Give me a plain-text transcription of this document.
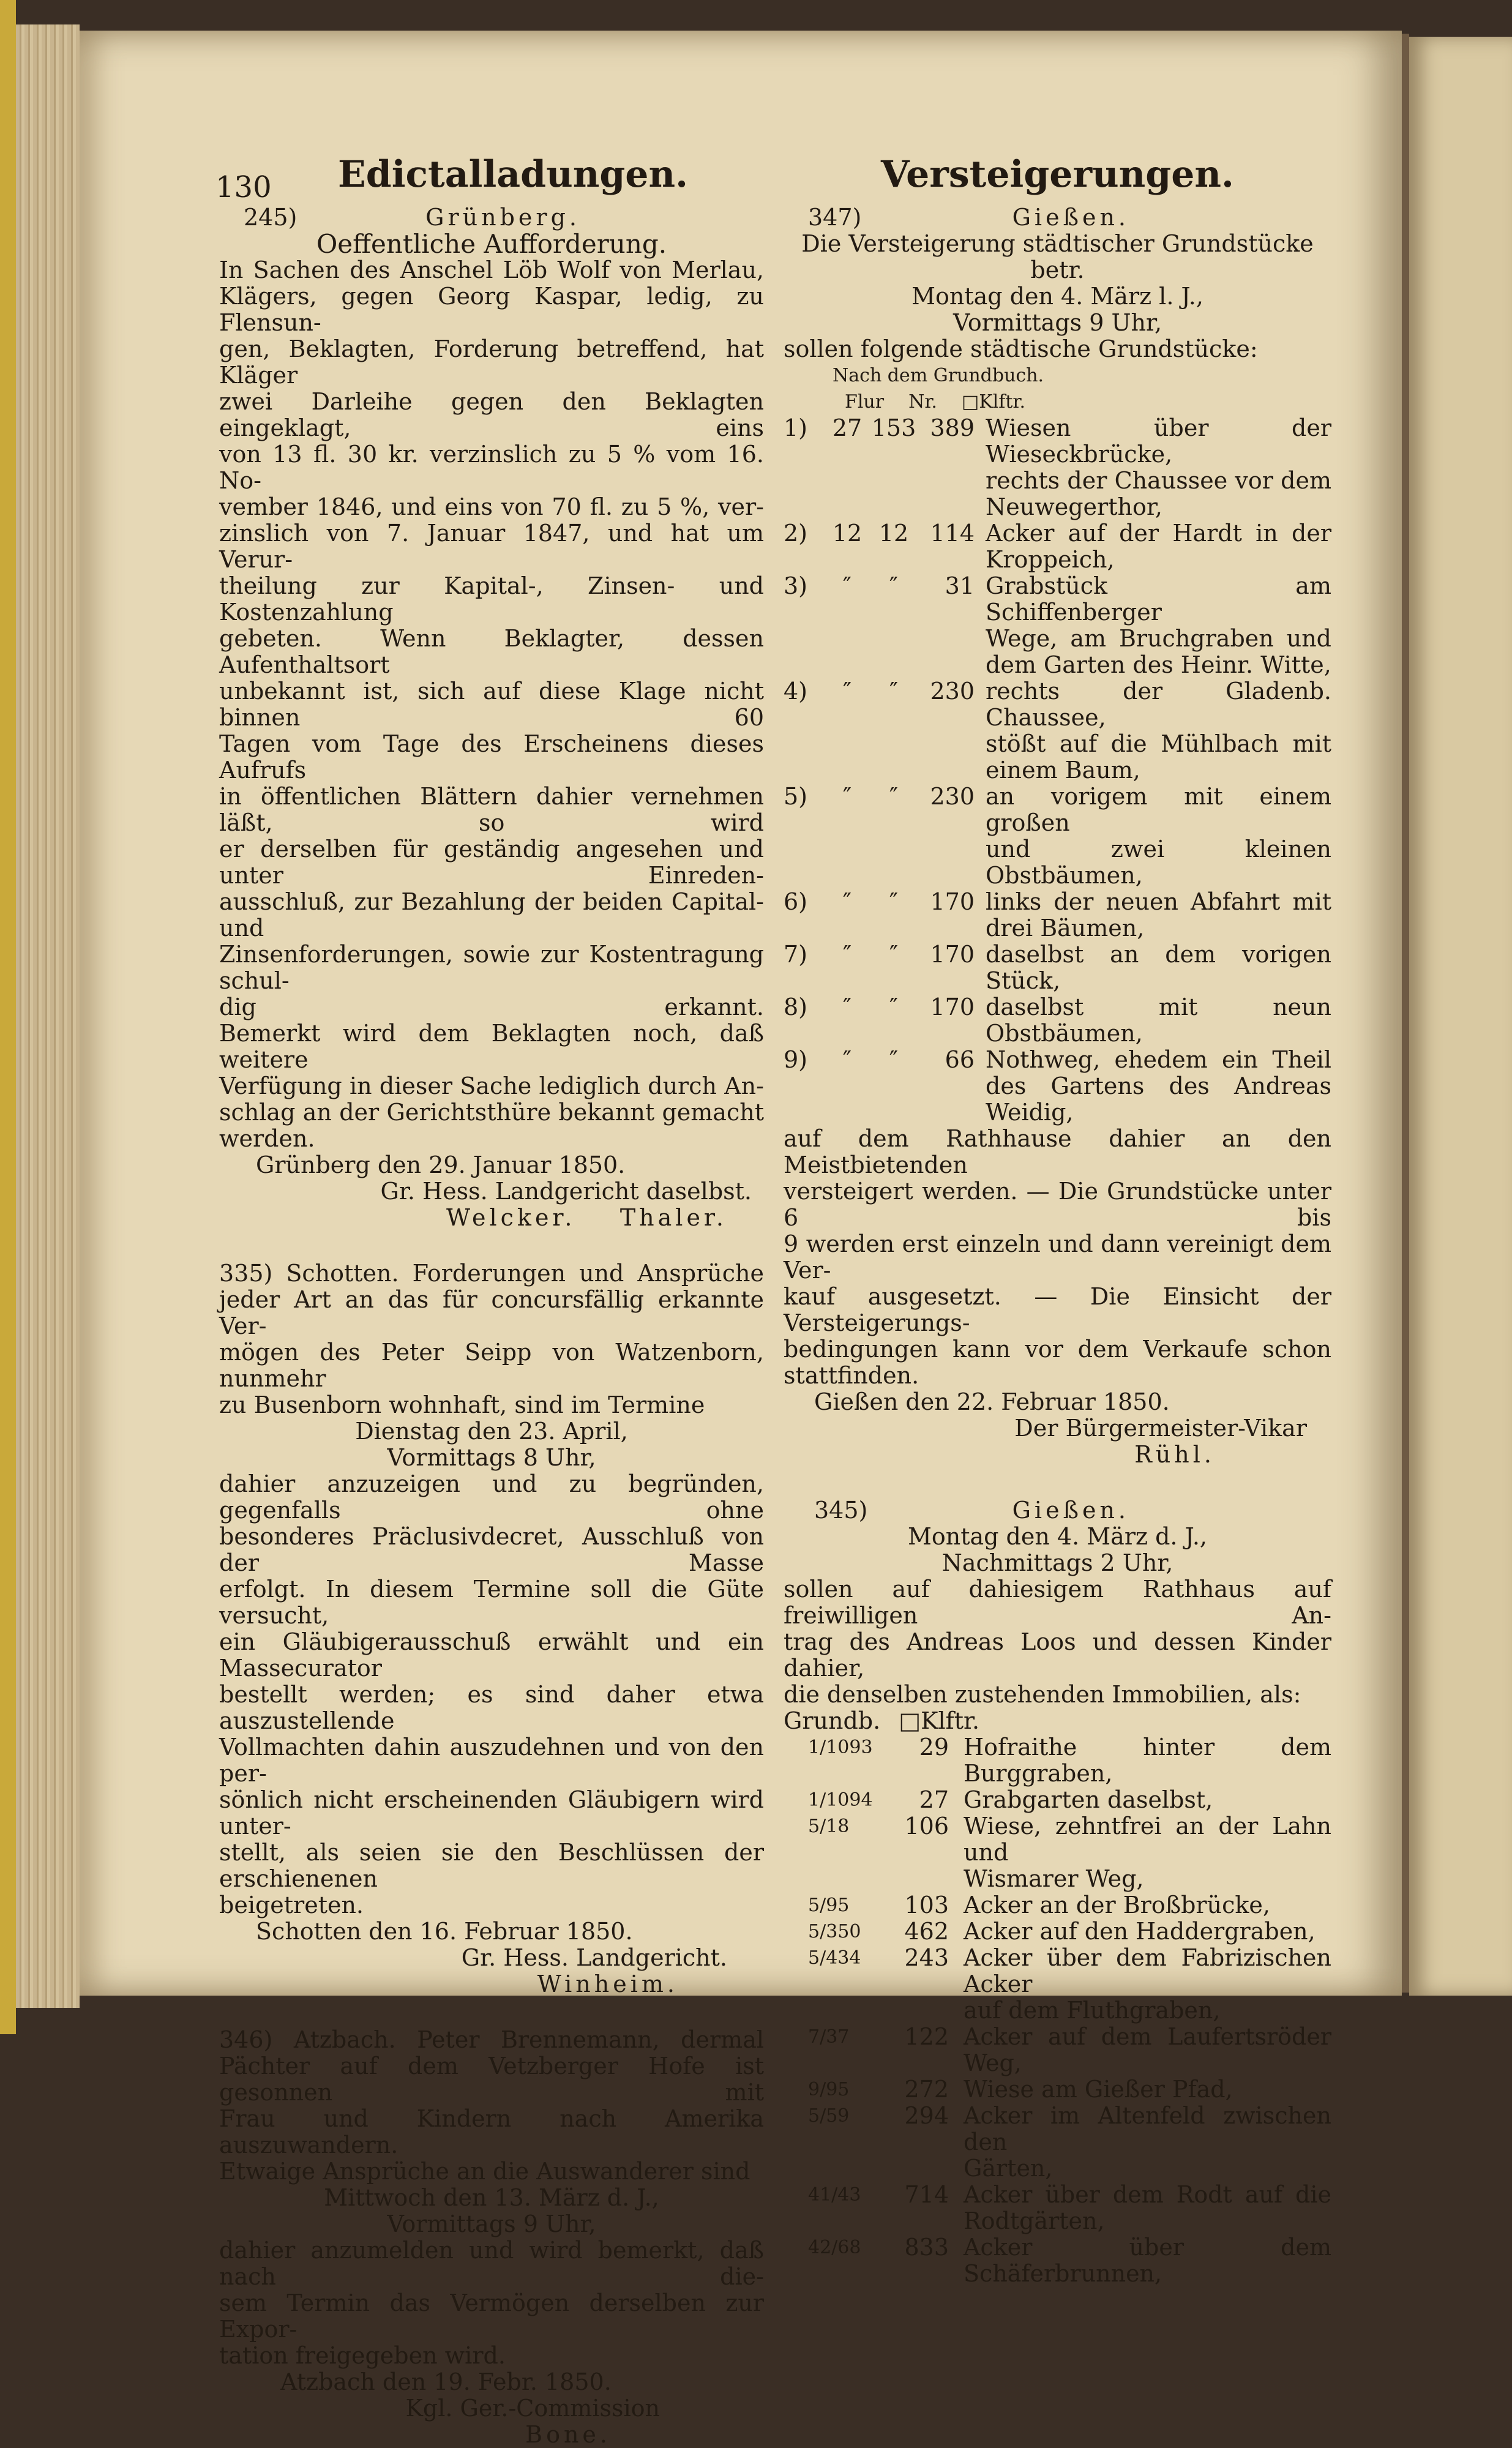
130	Edictalladungen.
245)	Grünberg.

Oeffentliche Aufforderung.

In Sachen des Anschel Löb Wolf von Merlau,

Klägers, gegen Georg Kaspar, ledig, zu Flensun-

gen, Beklagten, Forderung betreffend, hat Kläger

zwei Darleihe gegen den Beklagten eingeklagt, eins

von 13 fl. 30 kr. verzinslich zu 5 % vom 16. No-

vember 1846, und eins von 70 fl. zu 5 %, ver-

zinslich von 7. Januar 1847, und hat um Verur-

theilung zur Kapital-, Zinsen- und Kostenzahlung

gebeten. Wenn Beklagter, dessen Aufenthaltsort

unbekannt ist, sich auf diese Klage nicht binnen 60

Tagen vom Tage des Erscheinens dieses Aufrufs

in öffentlichen Blättern dahier vernehmen läßt, so wird

er derselben für geständig angesehen und unter Einreden-

ausschluß, zur Bezahlung der beiden Capital- und

Zinsenforderungen, sowie zur Kostentragung schul-

dig erkannt.

Bemerkt wird dem Beklagten noch, daß weitere

Verfügung in dieser Sache lediglich durch An-

schlag an der Gerichtsthüre bekannt gemacht werden.

Grünberg den 29. Januar 1850.

Gr. Hess. Landgericht daselbst.

Welcker.    Thaler.

335) Schotten. Forderungen und Ansprüche

jeder Art an das für concursfällig erkannte Ver-

mögen des Peter Seipp von Watzenborn, nunmehr

zu Busenborn wohnhaft, sind im Termine

Dienstag den 23. April,

Vormittags 8 Uhr,

dahier anzuzeigen und zu begründen, gegenfalls ohne

besonderes Präclusivdecret, Ausschluß von der Masse

erfolgt. In diesem Termine soll die Güte versucht,

ein Gläubigerausschuß erwählt und ein Massecurator

bestellt werden; es sind daher etwa auszustellende

Vollmachten dahin auszudehnen und von den per-

sönlich nicht erscheinenden Gläubigern wird unter-

stellt, als seien sie den Beschlüssen der erschienenen

beigetreten.

Schotten den 16. Februar 1850.

Gr. Hess. Landgericht.

Winheim.

346) Atzbach. Peter Brennemann, dermal

Pächter auf dem Vetzberger Hofe ist gesonnen mit

Frau und Kindern nach Amerika auszuwandern.

Etwaige Ansprüche an die Auswanderer sind

Mittwoch den 13. März d. J.,

Vormittags 9 Uhr,

dahier anzumelden und wird bemerkt, daß nach die-

sem Termin das Vermögen derselben zur Expor-

tation freigegeben wird.

Atzbach den 19. Febr. 1850.

Kgl. Ger.-Commission

Bone.

Versteigerungen.
347)	Gießen.

Die Versteigerung städtischer Grundstücke betr.

Montag den 4. März l. J.,

Vormittags 9 Uhr,

sollen folgende städtische Grundstücke:

Nach dem Grundbuch.

Flur Nr. □Klftr.
1)	27 153 389 Wiesen über der Wieseckbrücke,

rechts der Chaussee vor dem

Neuwegerthor,

2)	12 12 114 Acker auf der Hardt in der

Kroppeich,

3)	″	″	31 Grabstück am Schiffenberger

Wege, am Bruchgraben und

dem Garten des Heinr. Witte,

4)	″	″	230 rechts der Gladenb. Chaussee,

stößt auf die Mühlbach mit

einem Baum,

5)	″	″	230 an vorigem mit einem großen

und zwei kleinen Obstbäumen,

6)	″	″	170 links der neuen Abfahrt mit

drei Bäumen,

7)	″	″	170 daselbst an dem vorigen Stück,

8)	″	″	170 daselbst mit neun Obstbäumen,

9)	″	″	66 Nothweg, ehedem ein Theil

des Gartens des Andreas

Weidig,

auf dem Rathhause dahier an den Meistbietenden

versteigert werden. — Die Grundstücke unter 6 bis

9 werden erst einzeln und dann vereinigt dem Ver-

kauf ausgesetzt. — Die Einsicht der Versteigerungs-

bedingungen kann vor dem Verkaufe schon stattfinden.

Gießen den 22. Februar 1850.

Der Bürgermeister-Vikar

Rühl.

345)	Gießen.

Montag den 4. März d. J.,

Nachmittags 2 Uhr,

sollen auf dahiesigem Rathhaus auf freiwilligen An-

trag des Andreas Loos und dessen Kinder dahier,

die denselben zustehenden Immobilien, als:

Grundb. □Klftr.
1/1093	29 Hofraithe hinter dem Burggraben,

1/1094	27 Grabgarten daselbst,

5/18	106 Wiese, zehntfrei an der Lahn und

Wismarer Weg,

5/95	103 Acker an der Broßbrücke,

5/350	462 Acker auf den Haddergraben,

5/434	243 Acker über dem Fabrizischen Acker

auf dem Fluthgraben,

7/37	122 Acker auf dem Laufertsröder Weg,

9/95	272 Wiese am Gießer Pfad,

5/59	294 Acker im Altenfeld zwischen den

Gärten,

41/43	714 Acker über dem Rodt auf die

Rodtgärten,

42/68	833 Acker über dem Schäferbrunnen,
